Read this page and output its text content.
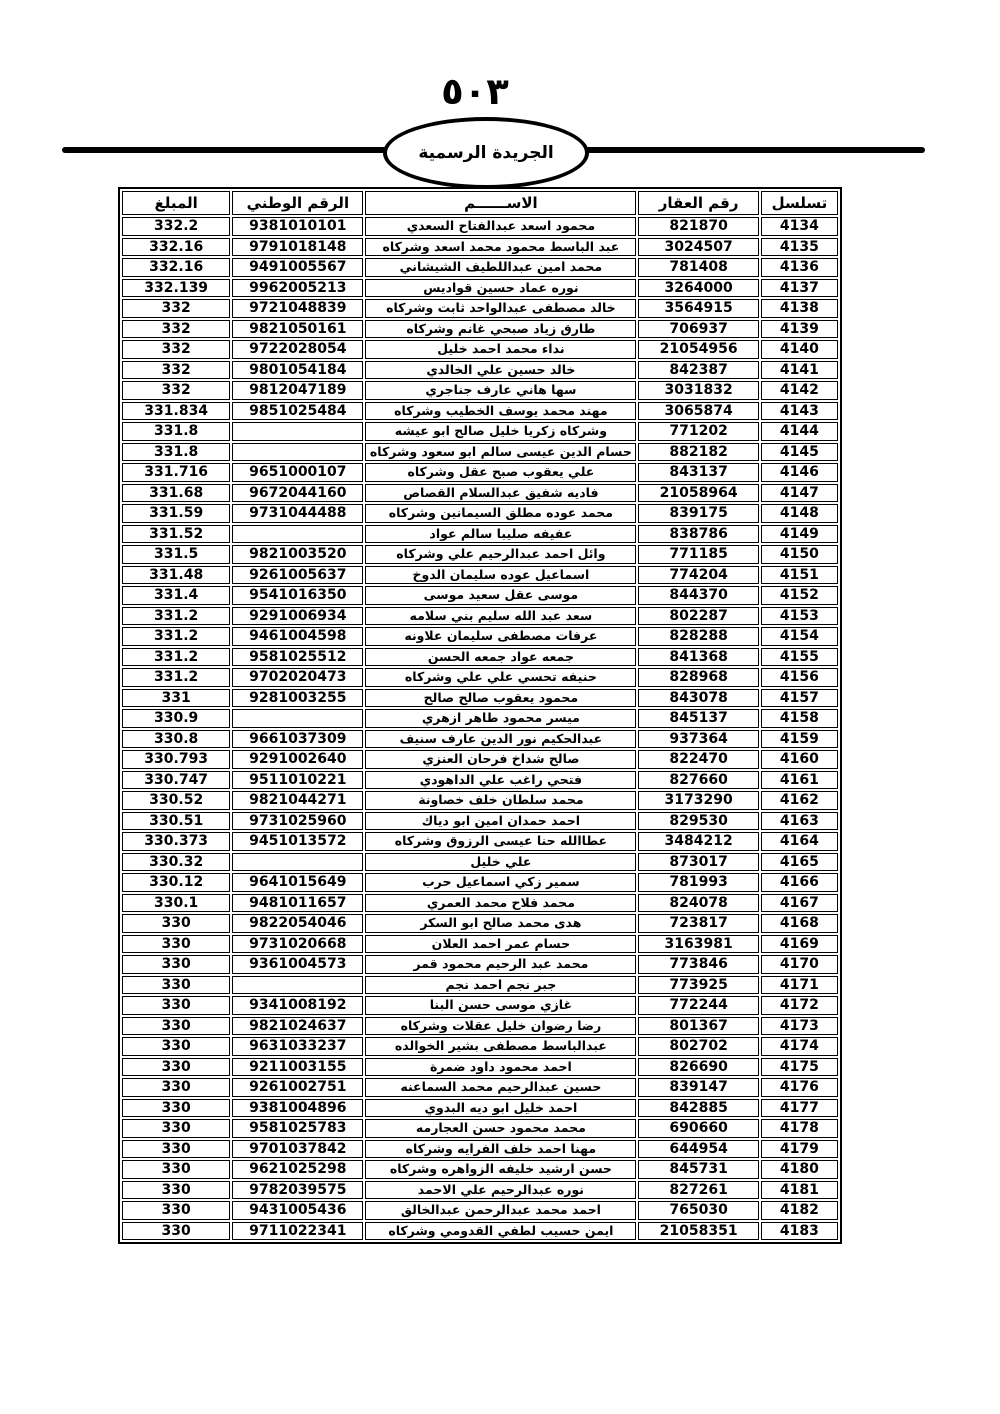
٥٠٣
الجريدة الرسمية
تسلسل	رقم العقار	الاســــــم	الرقم الوطني	المبلغ
4134	821870	محمود اسعد عبدالفتاح السعدي	9381010101	332.2
4135	3024507	عبد الباسط محمود محمد اسعد وشركاه	9791018148	332.16
4136	781408	محمد امين عبداللطيف الشيشاني	9491005567	332.16
4137	3264000	نوره عماد حسين قواديس	9962005213	332.139
4138	3564915	خالد مصطفى عبدالواحد ثابت وشركاه	9721048839	332
4139	706937	طارق زياد صبحي غانم وشركاه	9821050161	332
4140	21054956	نداء محمد احمد خليل	9722028054	332
4141	842387	خالد حسين علي الخالدي	9801054184	332
4142	3031832	سها هاني عارف جناجري	9812047189	332
4143	3065874	مهند محمد يوسف الخطيب وشركاه	9851025484	331.834
4144	771202	وشركاه زكريا خليل صالح ابو عيشه		331.8
4145	882182	حسام الدين عيسى سالم ابو سعود وشركاه		331.8
4146	843137	علي يعقوب صبح عقل وشركاه	9651000107	331.716
4147	21058964	فاديه شفيق عبدالسلام القصاص	9672044160	331.68
4148	839175	محمد عوده مطلق السيمانين وشركاه	9731044488	331.59
4149	838786	عفيفه صليبا سالم عواد		331.52
4150	771185	وائل احمد عبدالرحيم علي وشركاه	9821003520	331.5
4151	774204	اسماعيل عوده سليمان الدوخ	9261005637	331.48
4152	844370	موسى عقل سعيد موسى	9541016350	331.4
4153	802287	سعد عبد الله سليم بني سلامه	9291006934	331.2
4154	828288	عرفات مصطفى سليمان علاونه	9461004598	331.2
4155	841368	جمعه عواد جمعه الحسن	9581025512	331.2
4156	828968	حنيفه تحسي علي علي وشركاه	9702020473	331.2
4157	843078	محمود يعقوب صالح صالح	9281003255	331
4158	845137	ميسر محمود طاهر ازهري		330.9
4159	937364	عبدالحكيم نور الدين عارف سنيف	9661037309	330.8
4160	822470	صالح شداخ فرحان العنزي	9291002640	330.793
4161	827660	فتحي راغب علي الداهودي	9511010221	330.747
4162	3173290	محمد سلطان خلف خصاونة	9821044271	330.52
4163	829530	احمد حمدان امين ابو دياك	9731025960	330.51
4164	3484212	عطاالله حنا عيسى الرزوق وشركاه	9451013572	330.373
4165	873017	علي خليل		330.32
4166	781993	سمير زكي اسماعيل حرب	9641015649	330.12
4167	824078	محمد فلاح محمد العمري	9481011657	330.1
4168	723817	هدى محمد صالح ابو السكر	9822054046	330
4169	3163981	حسام عمر احمد العلان	9731020668	330
4170	773846	محمد عبد الرحيم محمود قمر	9361004573	330
4171	773925	جبر نجم احمد نجم		330
4172	772244	غازي موسى حسن البنا	9341008192	330
4173	801367	رضا رضوان خليل عقلات وشركاه	9821024637	330
4174	802702	عبدالباسط مصطفى بشير الخوالده	9631033237	330
4175	826690	احمد محمود داود ضمرة	9211003155	330
4176	839147	حسين عبدالرحيم محمد السماعنه	9261002751	330
4177	842885	احمد خليل ابو ديه البدوي	9381004896	330
4178	690660	محمد محمود حسن العجارمه	9581025783	330
4179	644954	مهنا احمد خلف الفرايه وشركاه	9701037842	330
4180	845731	حسن ارشيد خليفه الزواهره وشركاه	9621025298	330
4181	827261	نوره عبدالرحيم علي الاحمد	9782039575	330
4182	765030	احمد محمد عبدالرحمن عبدالخالق	9431005436	330
4183	21058351	ايمن حسيب لطفي القدومي وشركاه	9711022341	330
